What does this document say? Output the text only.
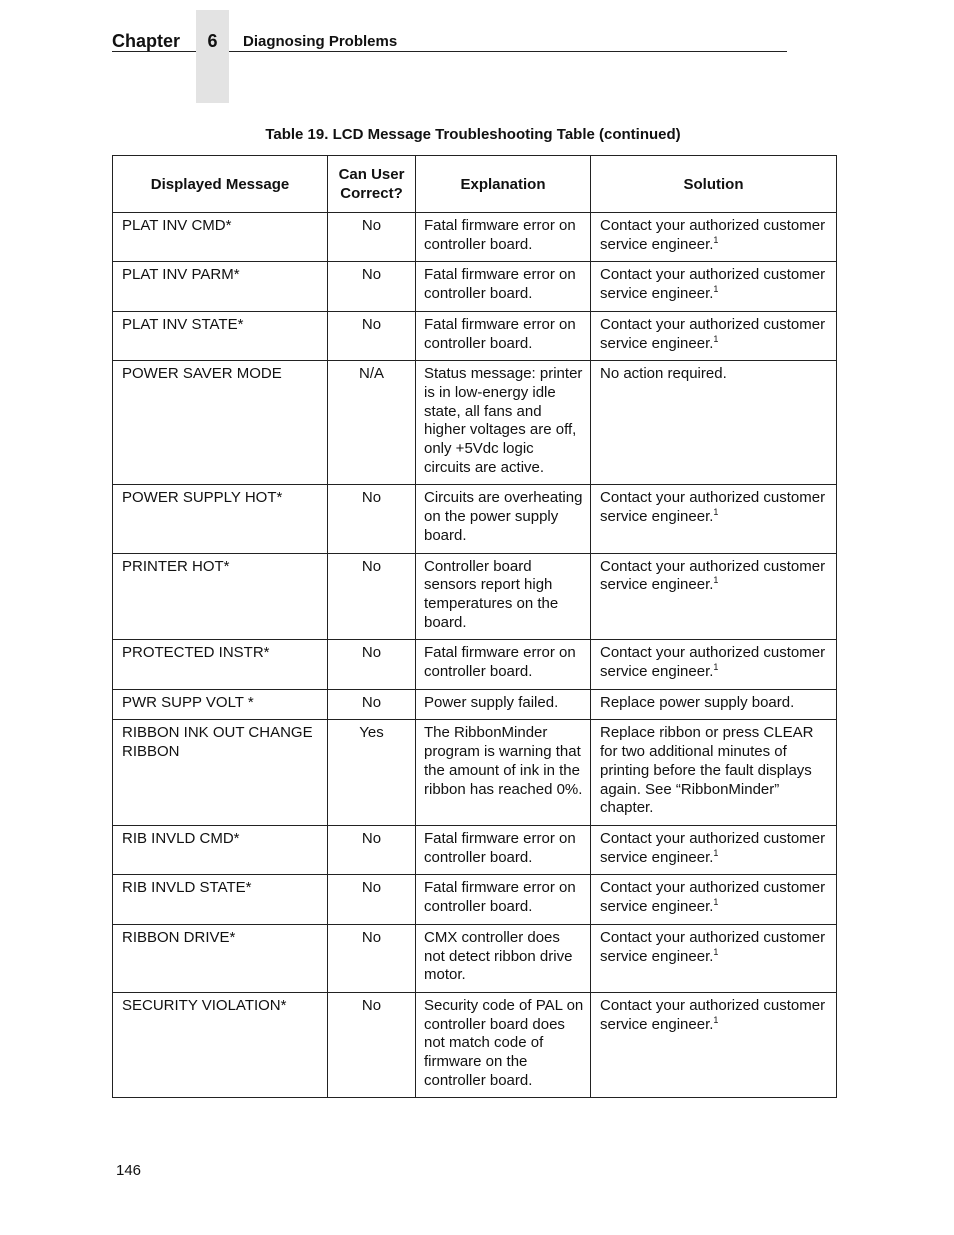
Chapter	6	Diagnosing Problems
Table 19. LCD Message Troubleshooting Table (continued)
Displayed Message	Can User Correct?	Explanation	Solution
PLAT INV CMD*	No	Fatal firmware error on controller board.	Contact your authorized customer service engineer.$^1$
PLAT INV PARM*	No	Fatal firmware error on controller board.	Contact your authorized customer service engineer.$^1$
PLAT INV STATE*	No	Fatal firmware error on controller board.	Contact your authorized customer service engineer.$^1$
POWER SAVER MODE	N/A	Status message: printer is in low-energy idle state, all fans and higher voltages are off, only +5Vdc logic circuits are active.	No action required.
POWER SUPPLY HOT*	No	Circuits are overheating on the power supply board.	Contact your authorized customer service engineer.$^1$
PRINTER HOT*	No	Controller board sensors report high temperatures on the board.	Contact your authorized customer service engineer.$^1$
PROTECTED INSTR*	No	Fatal firmware error on controller board.	Contact your authorized customer service engineer.$^1$
PWR SUPP VOLT *	No	Power supply failed.	Replace power supply board.
RIBBON INK OUT CHANGE RIBBON	Yes	The RibbonMinder program is warning that the amount of ink in the ribbon has reached 0%.	Replace ribbon or press CLEAR for two additional minutes of printing before the fault displays again. See “RibbonMinder” chapter.
RIB INVLD CMD*	No	Fatal firmware error on controller board.	Contact your authorized customer service engineer.$^1$
RIB INVLD STATE*	No	Fatal firmware error on controller board.	Contact your authorized customer service engineer.$^1$
RIBBON DRIVE*	No	CMX controller does not detect ribbon drive motor.	Contact your authorized customer service engineer.$^1$
SECURITY VIOLATION*	No	Security code of PAL on controller board does not match code of firmware on the controller board.	Contact your authorized customer service engineer.$^1$
146
